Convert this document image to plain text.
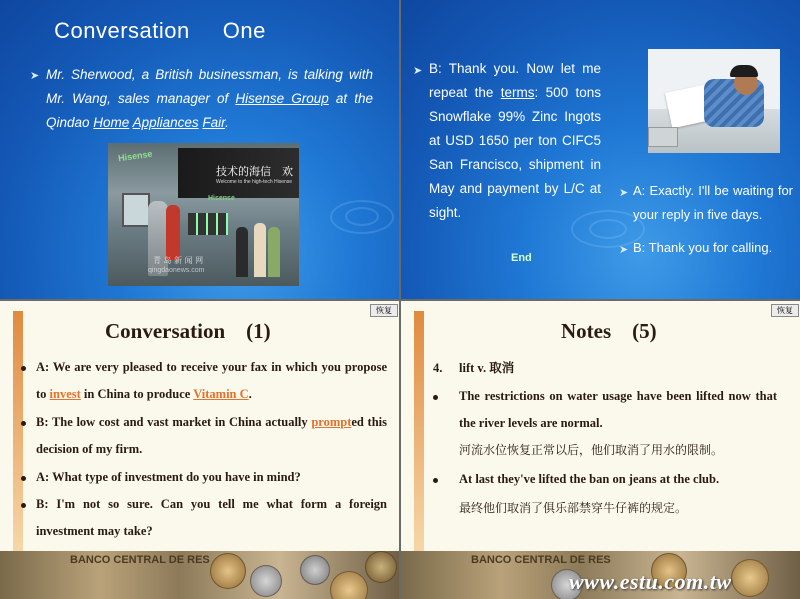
Conversation One
➤ Mr. Sherwood, a British businessman, is talking with Mr. Wang, sales manager of Hisense Group at the Qindao Home Appliances Fair.
技术的海信　欢
Welcome to the high-tech Hisense
Hisense
Hisense
青 岛 新 闻 网
qingdaonews.com
➤ B: Thank you. Now let me repeat the terms: 500 tons Snowflake 99% Zinc Ingots at USD 1650 per ton CIFC5 San Francisco, shipment in May and payment by L/C at sight.
End
➤ A: Exactly. I'll be waiting for your reply in five days.
➤ B: Thank you for calling.
恢复
Conversation　(1)
A: We are very pleased to receive your fax in which you propose to invest in China to produce Vitamin C.
B: The low cost and vast market in China actually prompted this decision of my firm.
A: What type of investment do you have in mind?
B: I'm not so sure. Can you tell me what form a foreign investment may take?
BANCO CENTRAL DE RES
恢复
Notes　(5)
4. lift v. 取消
The restrictions on water usage have been lifted now that the river levels are normal.
河流水位恢复正常以后，他们取消了用水的限制。
At last they've lifted the ban on jeans at the club.
最终他们取消了俱乐部禁穿牛仔裤的规定。
BANCO CENTRAL DE RES
www.estu.com.tw
